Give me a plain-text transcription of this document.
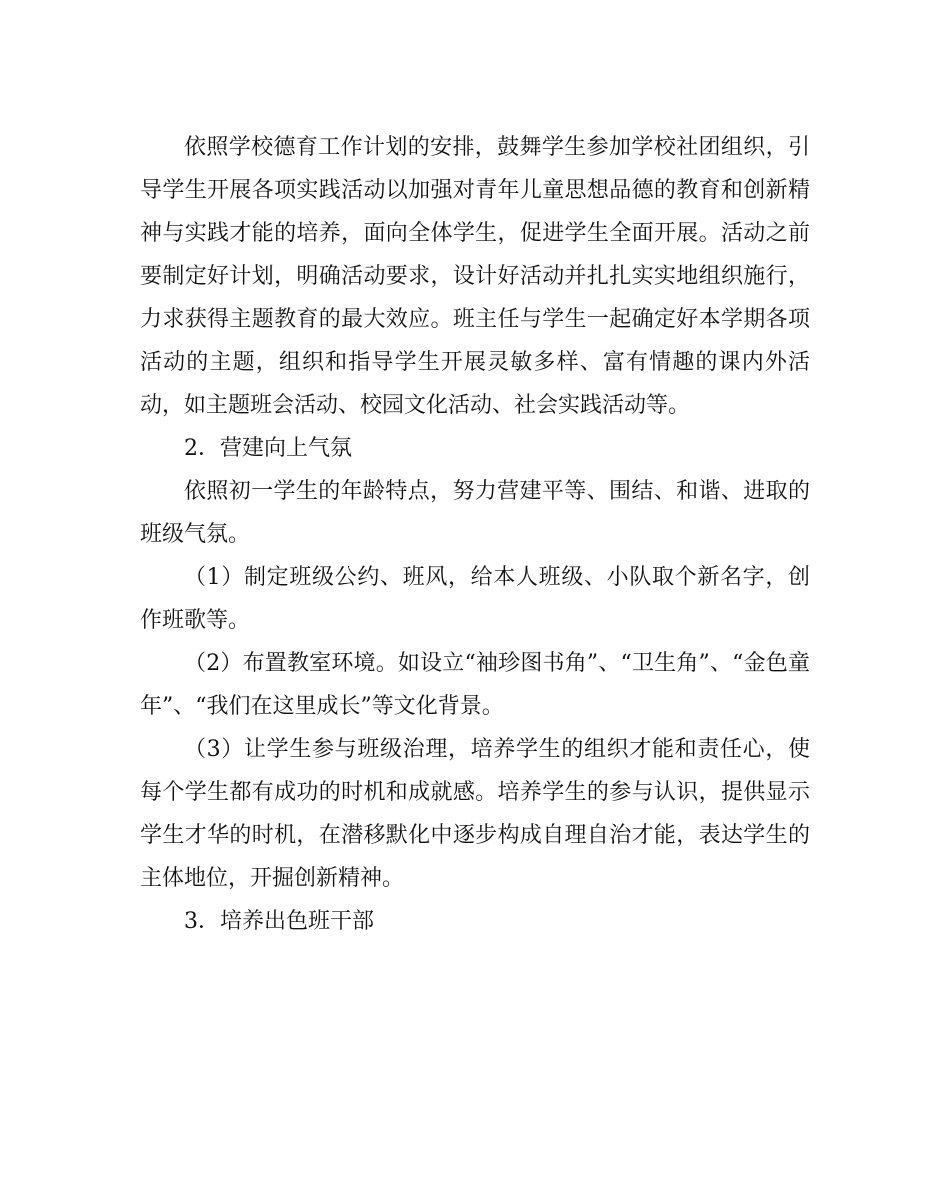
依照学校德育工作计划的安排，鼓舞学生参加学校社团组织，引导学生开展各项实践活动以加强对青年儿童思想品德的教育和创新精神与实践才能的培养，面向全体学生，促进学生全面开展。活动之前要制定好计划，明确活动要求，设计好活动并扎扎实实地组织施行，力求获得主题教育的最大效应。班主任与学生一起确定好本学期各项活动的主题，组织和指导学生开展灵敏多样、富有情趣的课内外活动，如主题班会活动、校园文化活动、社会实践活动等。

2．营建向上气氛

依照初一学生的年龄特点，努力营建平等、围结、和谐、进取的班级气氛。

（1）制定班级公约、班风，给本人班级、小队取个新名字，创作班歌等。

（2）布置教室环境。如设立“袖珍图书角”、“卫生角”、“金色童年”、“我们在这里成长”等文化背景。

（3）让学生参与班级治理，培养学生的组织才能和责任心，使每个学生都有成功的时机和成就感。培养学生的参与认识，提供显示学生才华的时机，在潜移默化中逐步构成自理自治才能，表达学生的主体地位，开掘创新精神。

3．培养出色班干部
